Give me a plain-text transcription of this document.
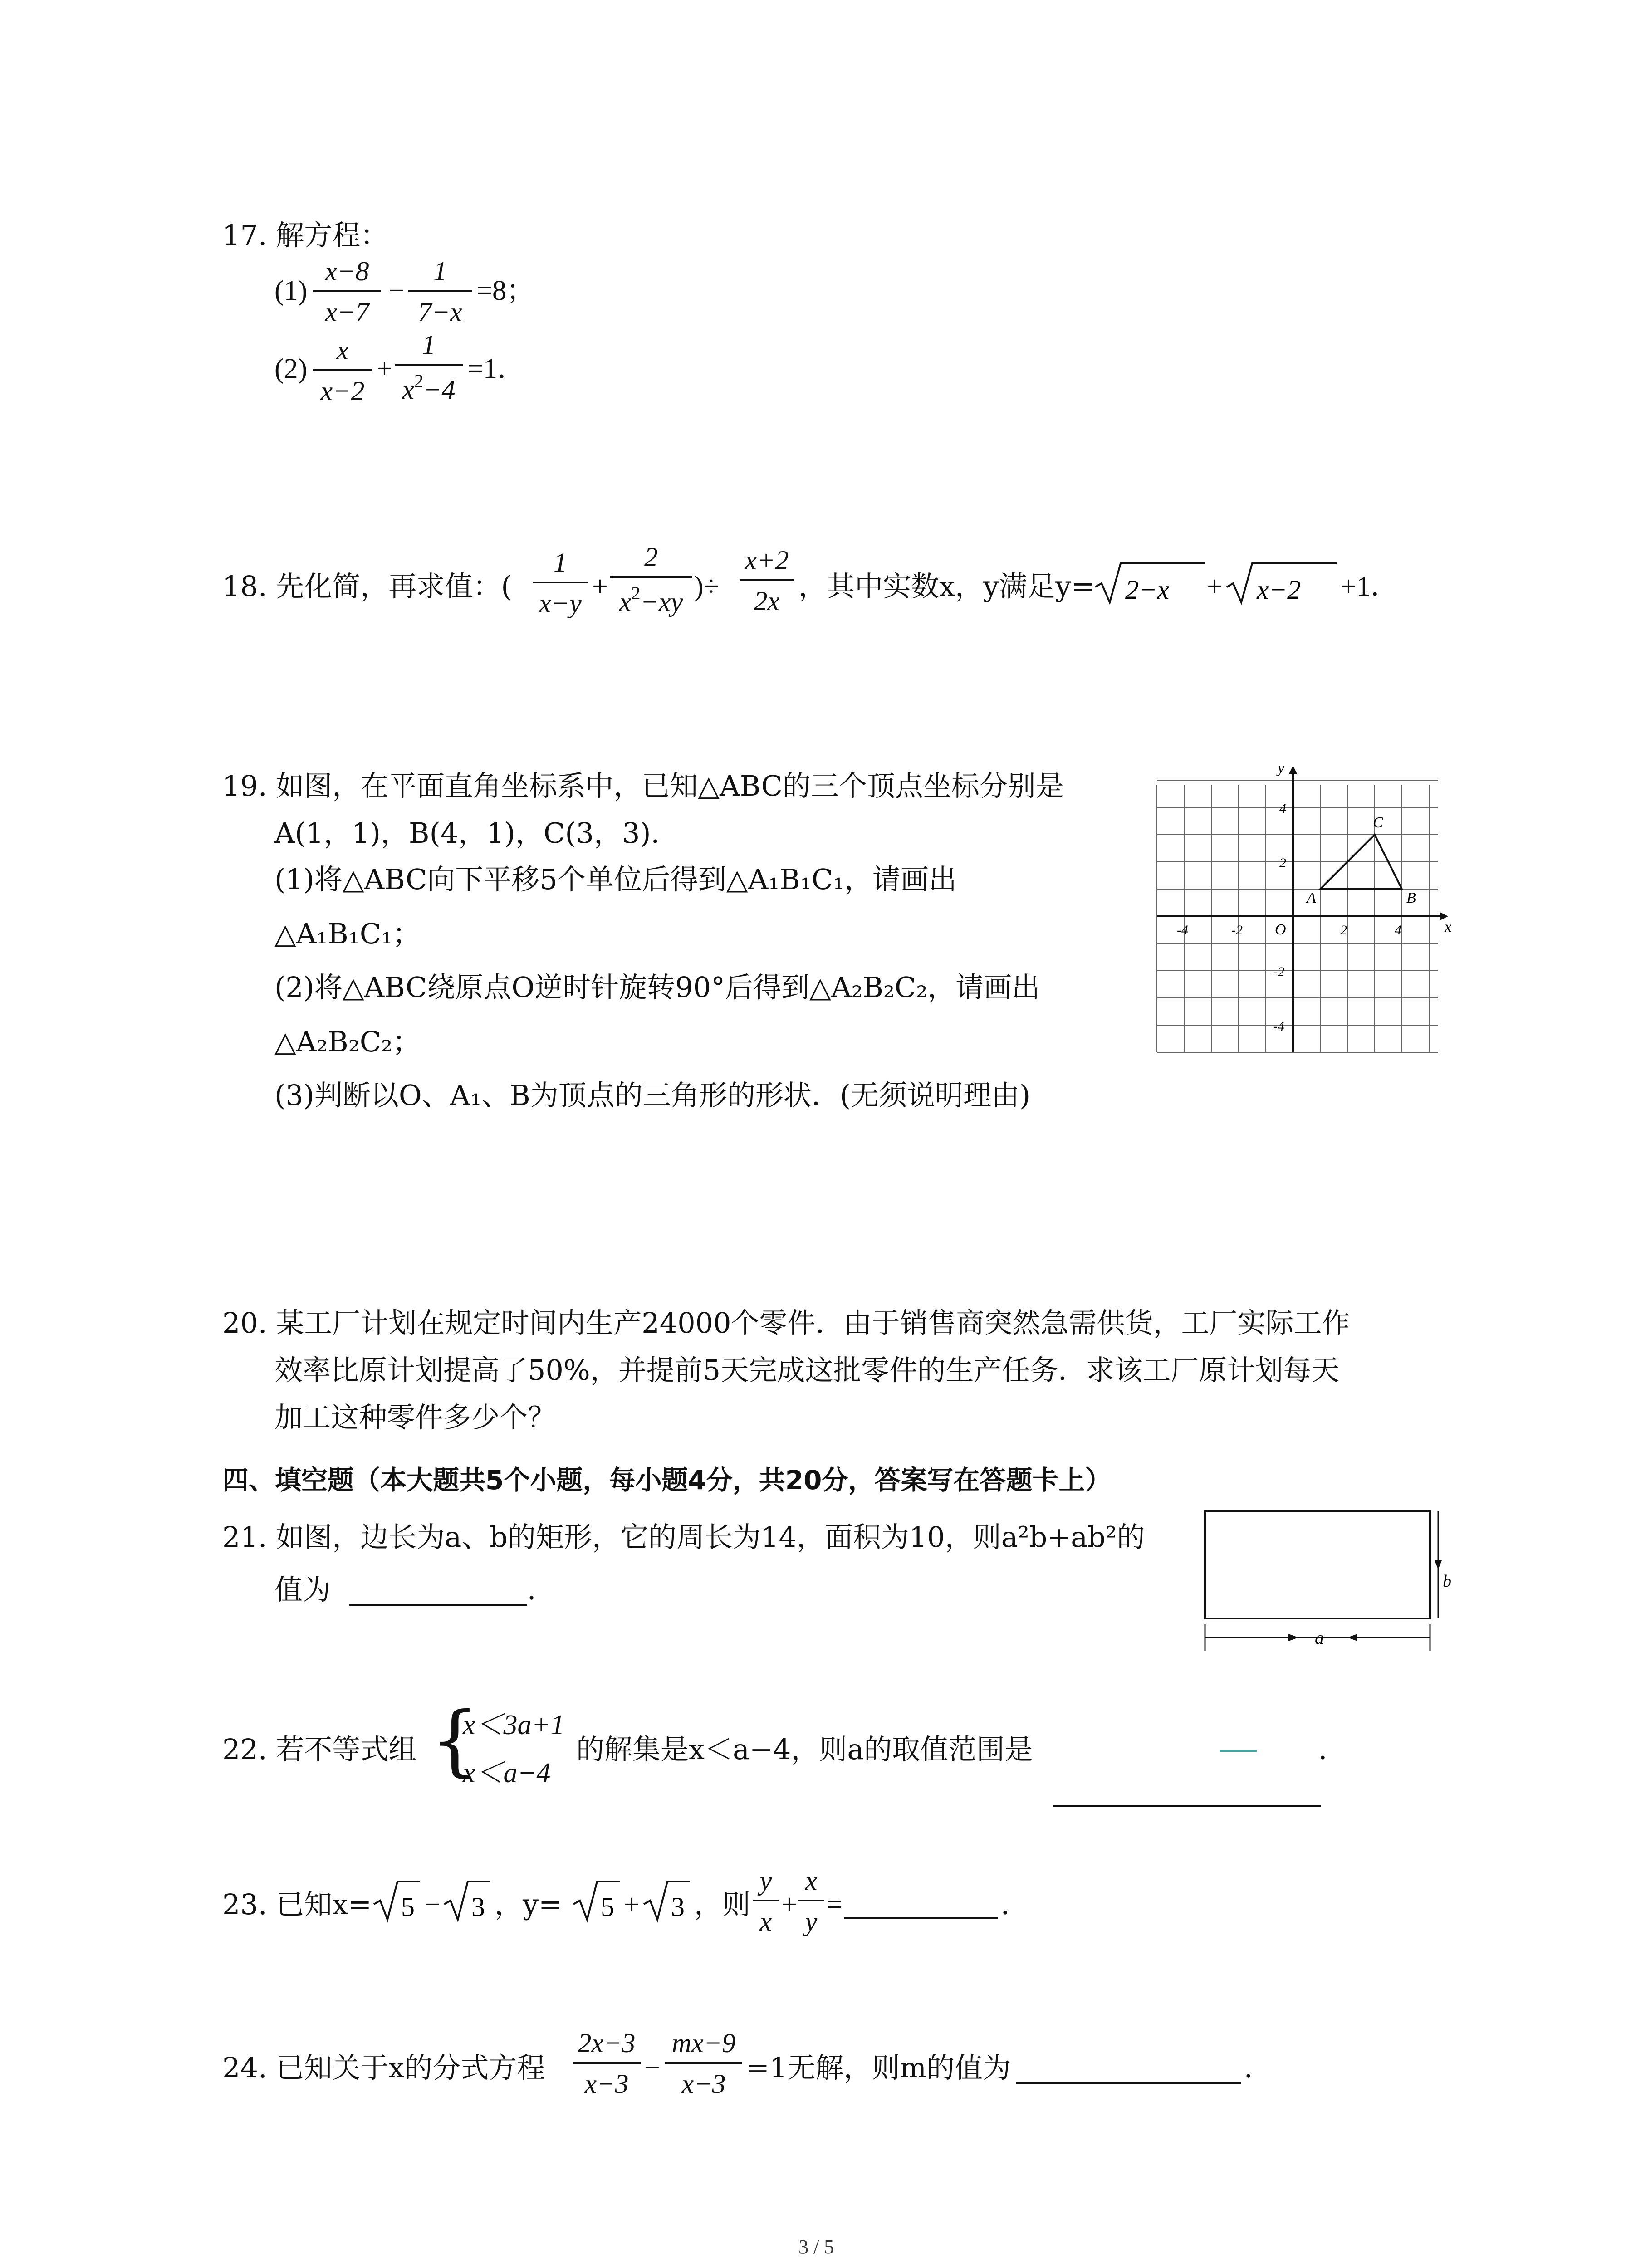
17. 解方程：
(1)
x−8
x−7
−
1
7−x
=8；
(2)
x
x−2
+
1
$x^2-4$
=1．
18. 先化简，再求值：(
1
x−y
+
2
$x^2-xy$ )÷
x+2
2x ，其中实数x，y满足y= 2−x + x−2 +1．
19. 如图，在平面直角坐标系中，已知△ABC的三个顶点坐标分别是
A(1，1)，B(4，1)，C(3，3)．
(1)将△ABC向下平移5个单位后得到△A₁B₁C₁，请画出
△A₁B₁C₁；
(2)将△ABC绕原点O逆时针旋转90°后得到△A₂B₂C₂，请画出
△A₂B₂C₂；
(3)判断以O、A₁、B为顶点的三角形的形状．(无须说明理由)
x
y
O
-4	-2	2	4
4
2
-2
-4
A	B
C
20. 某工厂计划在规定时间内生产24000个零件．由于销售商突然急需供货，工厂实际工作
效率比原计划提高了50%，并提前5天完成这批零件的生产任务．求该工厂原计划每天
加工这种零件多少个？
四、填空题（本大题共5个小题，每小题4分，共20分，答案写在答题卡上）
21. 如图，边长为a、b的矩形，它的周长为14，面积为10，则a²b+ab²的
值为	．	b
a
22. 若不等式组 {
x＜3a+1
x＜a−4
的解集是x＜a−4，则a的取值范围是	．
23. 已知x= 5 − 3 ，y= 5 + 3 ，则
y
x
+
x
y
=	．
24. 已知关于x的分式方程
2x−3
x−3
−
mx−9
x−3 =1无解，则m的值为	．
3 / 5
